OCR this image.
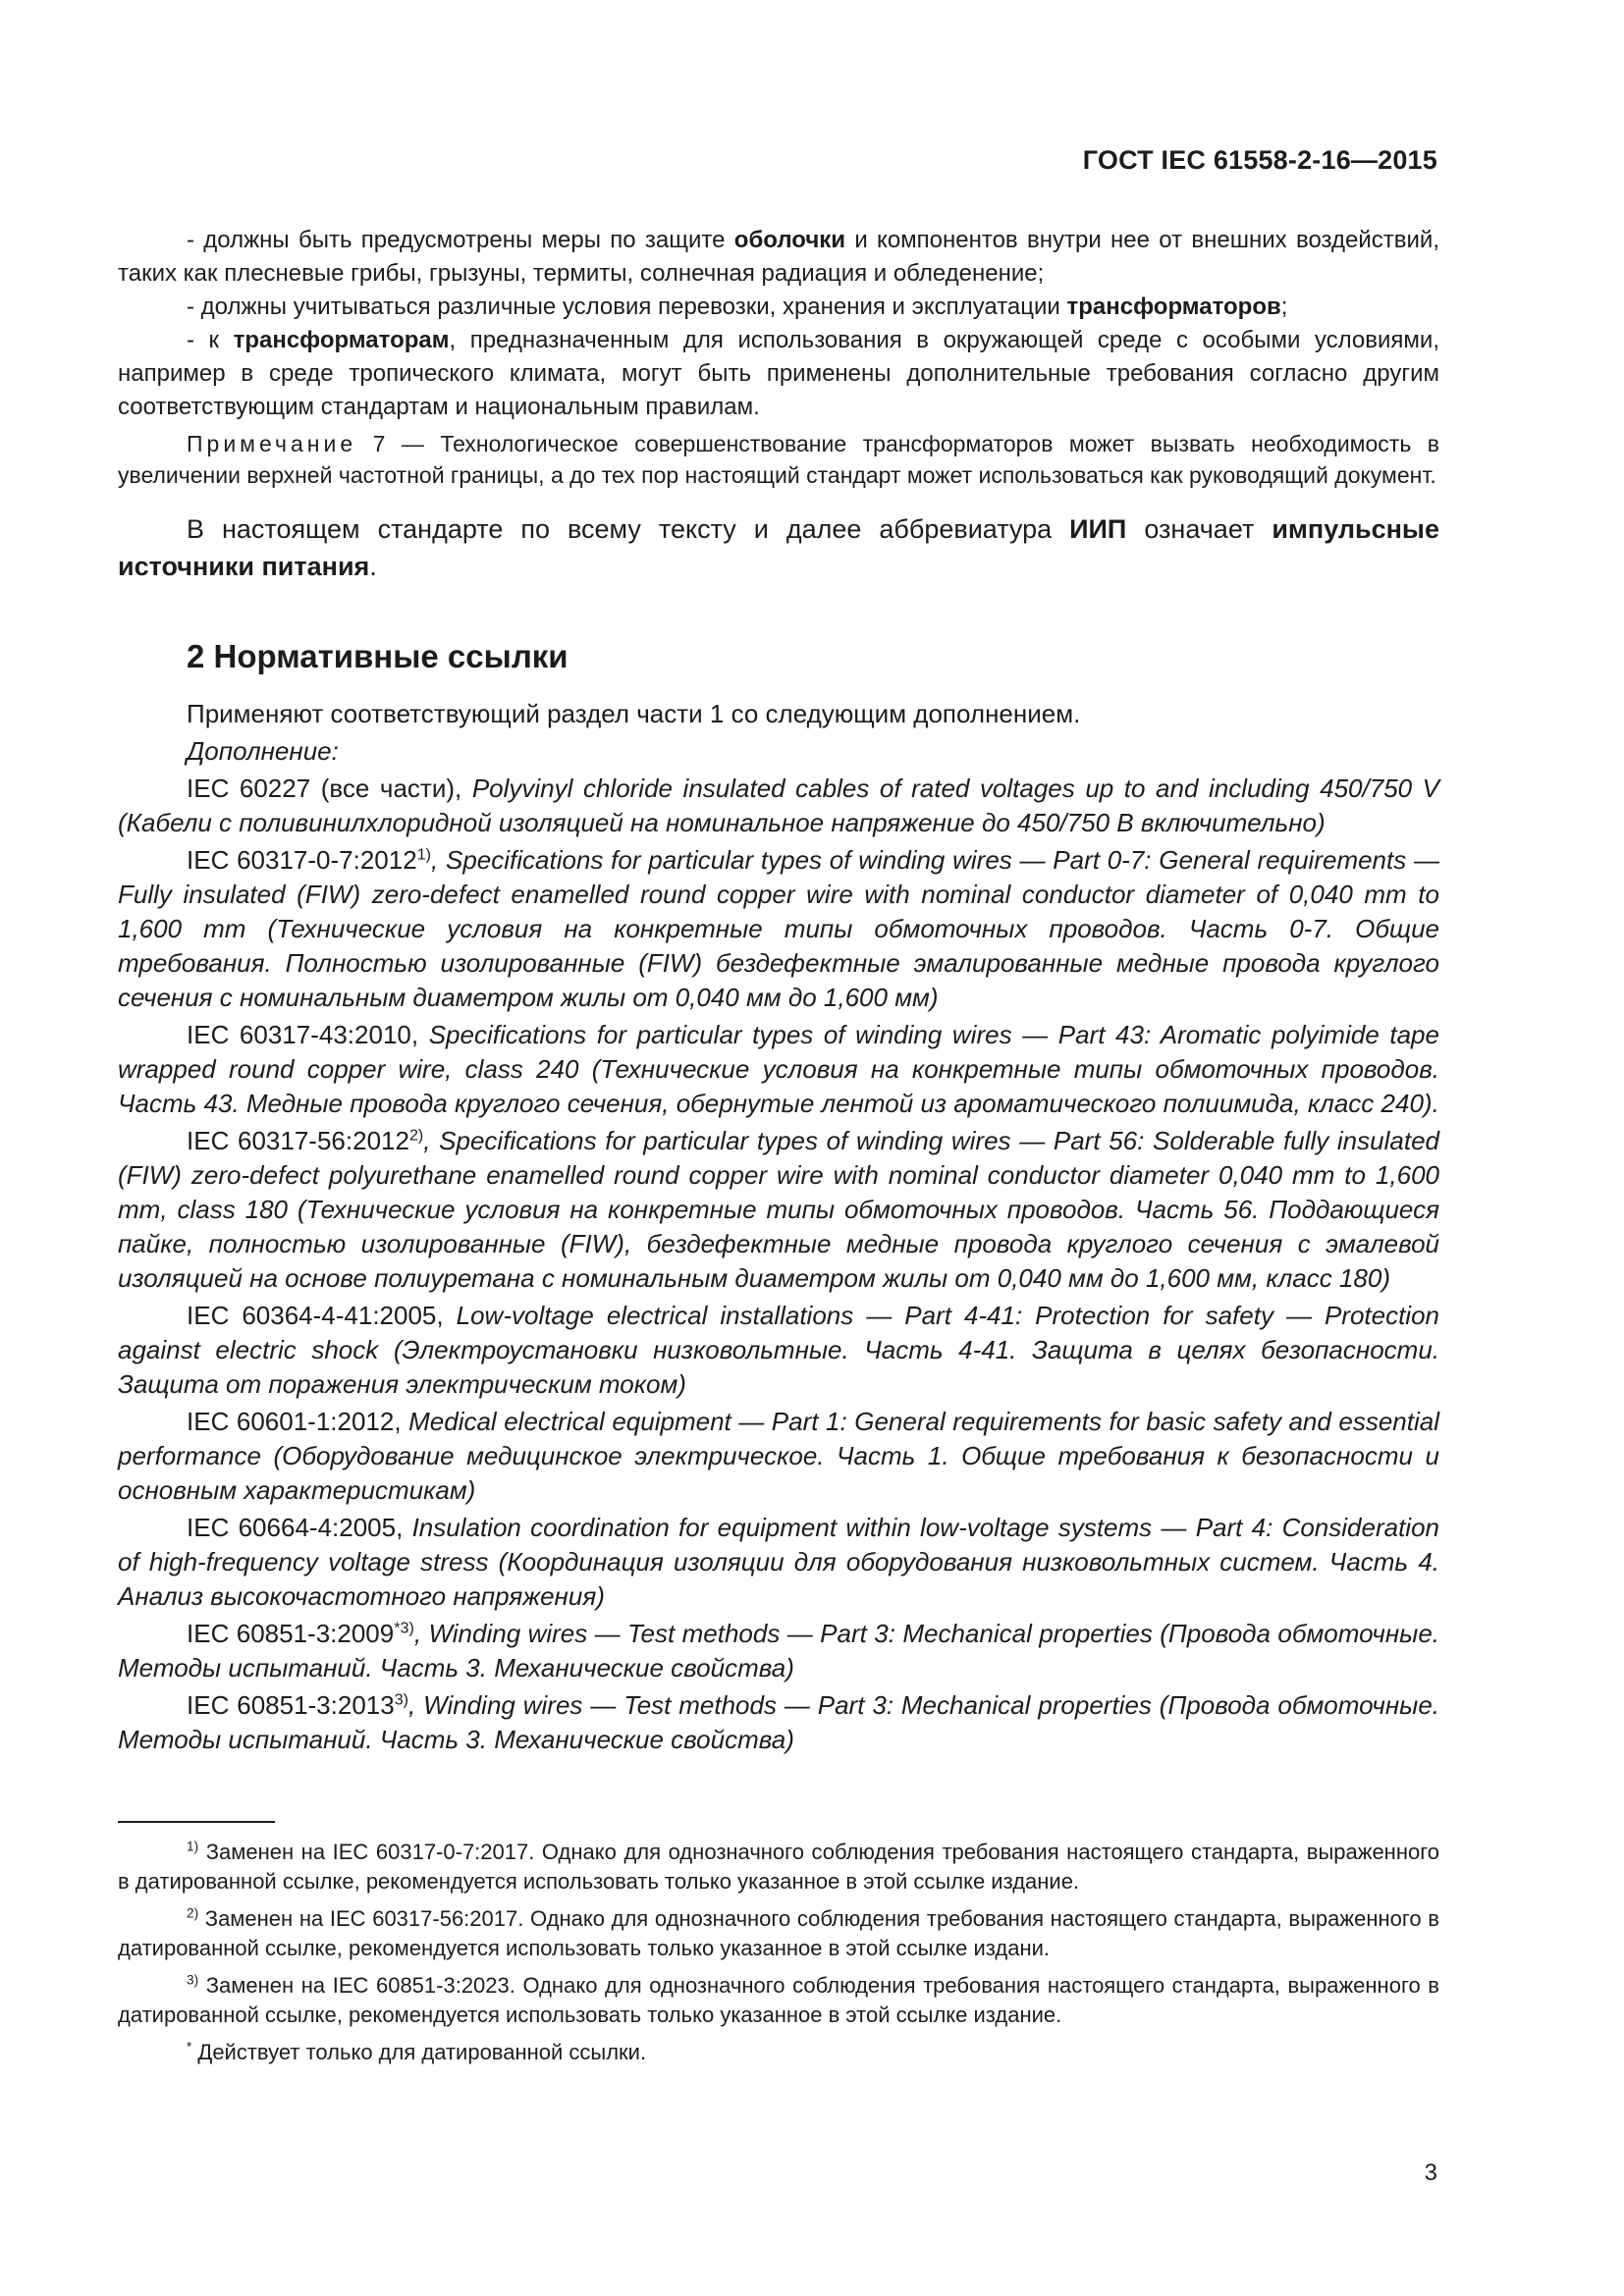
ГОСТ IEC 61558-2-16—2015

- должны быть предусмотрены меры по защите оболочки и компонентов внутри нее от внешних воздействий, таких как плесневые грибы, грызуны, термиты, солнечная радиация и обледенение;

- должны учитываться различные условия перевозки, хранения и эксплуатации трансформаторов;

- к трансформаторам, предназначенным для использования в окружающей среде с особыми условиями, например в среде тропического климата, могут быть применены дополнительные требования согласно другим соответствующим стандартам и национальным правилам.

Примечание 7 — Технологическое совершенствование трансформаторов может вызвать необходимость в увеличении верхней частотной границы, а до тех пор настоящий стандарт может использоваться как руководящий документ.

В настоящем стандарте по всему тексту и далее аббревиатура ИИП означает импульсные источники питания.

2 Нормативные ссылки

Применяют соответствующий раздел части 1 со следующим дополнением.

Дополнение:

IEC 60227 (все части), Polyvinyl chloride insulated cables of rated voltages up to and including 450/750 V (Кабели с поливинилхлоридной изоляцией на номинальное напряжение до 450/750 В включительно)

IEC 60317-0-7:2012$^{1)}$, Specifications for particular types of winding wires — Part 0-7: General requirements — Fully insulated (FIW) zero-defect enamelled round copper wire with nominal conductor diameter of 0,040 mm to 1,600 mm (Технические условия на конкретные типы обмоточных проводов. Часть 0-7. Общие требования. Полностью изолированные (FIW) бездефектные эмалированные медные провода круглого сечения с номинальным диаметром жилы от 0,040 мм до 1,600 мм)

IEC 60317-43:2010, Specifications for particular types of winding wires — Part 43: Aromatic polyimide tape wrapped round copper wire, class 240 (Технические условия на конкретные типы обмоточных проводов. Часть 43. Медные провода круглого сечения, обернутые лентой из ароматического полиимида, класс 240).

IEC 60317-56:2012$^{2)}$, Specifications for particular types of winding wires — Part 56: Solderable fully insulated (FIW) zero-defect polyurethane enamelled round copper wire with nominal conductor diameter 0,040 mm to 1,600 mm, class 180 (Технические условия на конкретные типы обмоточных проводов. Часть 56. Поддающиеся пайке, полностью изолированные (FIW), бездефектные медные провода круглого сечения с эмалевой изоляцией на основе полиуретана с номинальным диаметром жилы от 0,040 мм до 1,600 мм, класс 180)

IEC 60364-4-41:2005, Low-voltage electrical installations — Part 4-41: Protection for safety — Protection against electric shock (Электроустановки низковольтные. Часть 4-41. Защита в целях безопасности. Защита от поражения электрическим током)

IEC 60601-1:2012, Medical electrical equipment — Part 1: General requirements for basic safety and essential performance (Оборудование медицинское электрическое. Часть 1. Общие требования к безопасности и основным характеристикам)

IEC 60664-4:2005, Insulation coordination for equipment within low-voltage systems — Part 4: Consideration of high-frequency voltage stress (Координация изоляции для оборудования низковольтных систем. Часть 4. Анализ высокочастотного напряжения)

IEC 60851-3:2009$^{*3)}$, Winding wires — Test methods — Part 3: Mechanical properties (Провода обмоточные. Методы испытаний. Часть 3. Механические свойства)

IEC 60851-3:2013$^{3)}$, Winding wires — Test methods — Part 3: Mechanical properties (Провода обмоточные. Методы испытаний. Часть 3. Механические свойства)

$^{1)}$ Заменен на IEC 60317-0-7:2017. Однако для однозначного соблюдения требования настоящего стандарта, выраженного в датированной ссылке, рекомендуется использовать только указанное в этой ссылке издание.

$^{2)}$ Заменен на IEC 60317-56:2017. Однако для однозначного соблюдения требования настоящего стандарта, выраженного в датированной ссылке, рекомендуется использовать только указанное в этой ссылке издани.

$^{3)}$ Заменен на IEC 60851-3:2023. Однако для однозначного соблюдения требования настоящего стандарта, выраженного в датированной ссылке, рекомендуется использовать только указанное в этой ссылке издание.

* Действует только для датированной ссылки.

3
